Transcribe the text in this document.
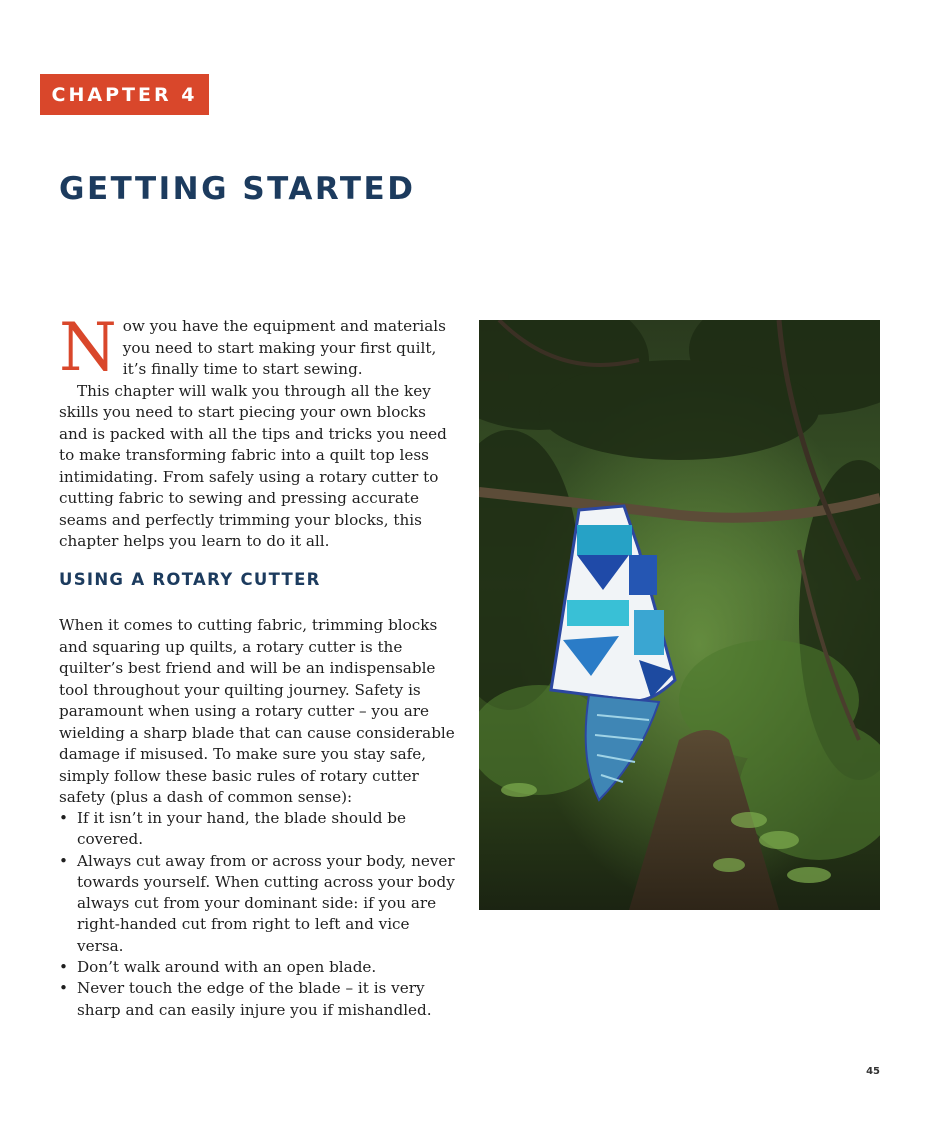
CHAPTER 4
GETTING STARTED

Now you have the equipment and materials you need to start making your first quilt, it’s finally time to start sewing.

This chapter will walk you through all the key skills you need to start piecing your own blocks and is packed with all the tips and tricks you need to make transforming fabric into a quilt top less intimidating. From safely using a rotary cutter to cutting fabric to sewing and pressing accurate seams and perfectly trimming your blocks, this chapter helps you learn to do it all.

USING A ROTARY CUTTER

When it comes to cutting fabric, trimming blocks and squaring up quilts, a rotary cutter is the quilter’s best friend and will be an indispensable tool throughout your quilting journey. Safety is paramount when using a rotary cutter – you are wielding a sharp blade that can cause considerable damage if misused. To make sure you stay safe, simply follow these basic rules of rotary cutter safety (plus a dash of common sense):

• If it isn’t in your hand, the blade should be covered.
• Always cut away from or across your body, never towards yourself. When cutting across your body always cut from your dominant side: if you are right-handed cut from right to left and vice versa.
• Don’t walk around with an open blade.
• Never touch the edge of the blade – it is very sharp and can easily injure you if mishandled.
45
